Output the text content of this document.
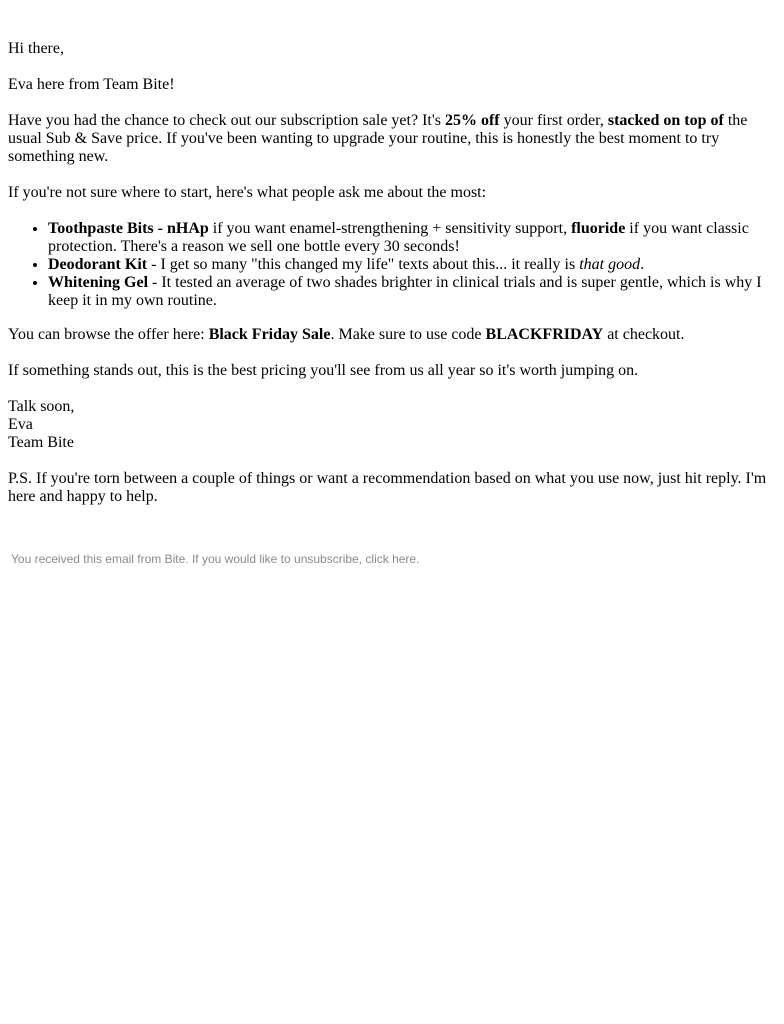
Hi there,

Eva here from Team Bite!

Have you had the chance to check out our subscription sale yet? It's 25% off your first order, stacked on top of the usual Sub & Save price. If you've been wanting to upgrade your routine, this is honestly the best moment to try something new.

If you're not sure where to start, here's what people ask me about the most:

• Toothpaste Bits - nHAp if you want enamel-strengthening + sensitivity support, fluoride if you want classic protection. There's a reason we sell one bottle every 30 seconds!
• Deodorant Kit - I get so many "this changed my life" texts about this... it really is that good.
• Whitening Gel - It tested an average of two shades brighter in clinical trials and is super gentle, which is why I keep it in my own routine.

You can browse the offer here: Black Friday Sale. Make sure to use code BLACKFRIDAY at checkout.

If something stands out, this is the best pricing you'll see from us all year so it's worth jumping on.

Talk soon,
Eva
Team Bite

P.S. If you're torn between a couple of things or want a recommendation based on what you use now, just hit reply. I'm here and happy to help.

You received this email from Bite. If you would like to unsubscribe, click here.
